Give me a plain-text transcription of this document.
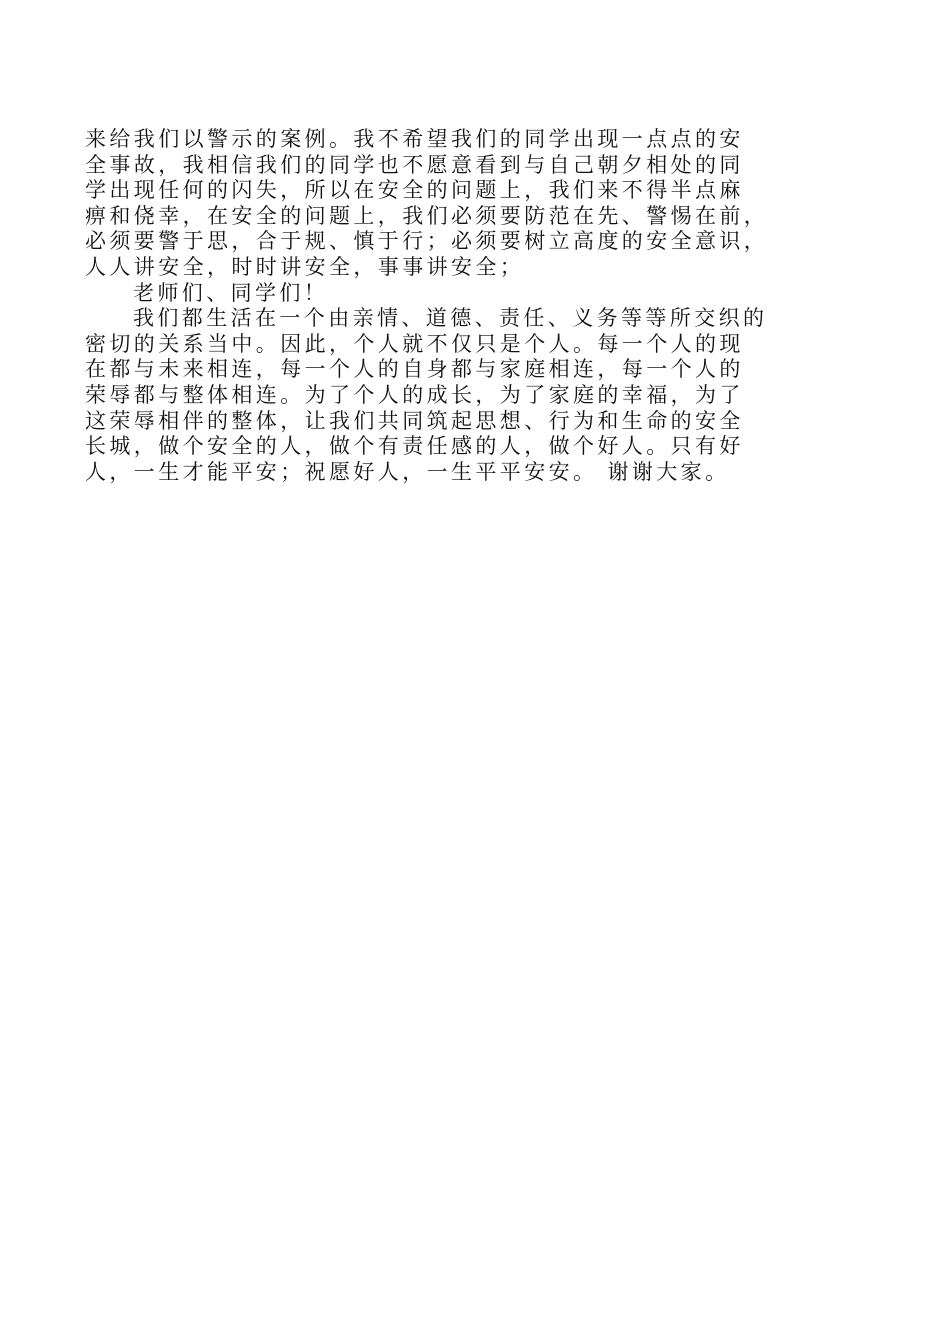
来给我们以警示的案例。我不希望我们的同学出现一点点的安
全事故，我相信我们的同学也不愿意看到与自己朝夕相处的同
学出现任何的闪失，所以在安全的问题上，我们来不得半点麻
痹和侥幸，在安全的问题上，我们必须要防范在先、警惕在前，
必须要警于思，合于规、慎于行；必须要树立高度的安全意识，
人人讲安全，时时讲安全，事事讲安全；
老师们、同学们！
我们都生活在一个由亲情、道德、责任、义务等等所交织的
密切的关系当中。因此，个人就不仅只是个人。每一个人的现
在都与未来相连，每一个人的自身都与家庭相连，每一个人的
荣辱都与整体相连。为了个人的成长，为了家庭的幸福，为了
这荣辱相伴的整体，让我们共同筑起思想、行为和生命的安全
长城，做个安全的人，做个有责任感的人，做个好人。只有好
人，一生才能平安；祝愿好人，一生平平安安。 谢谢大家。
